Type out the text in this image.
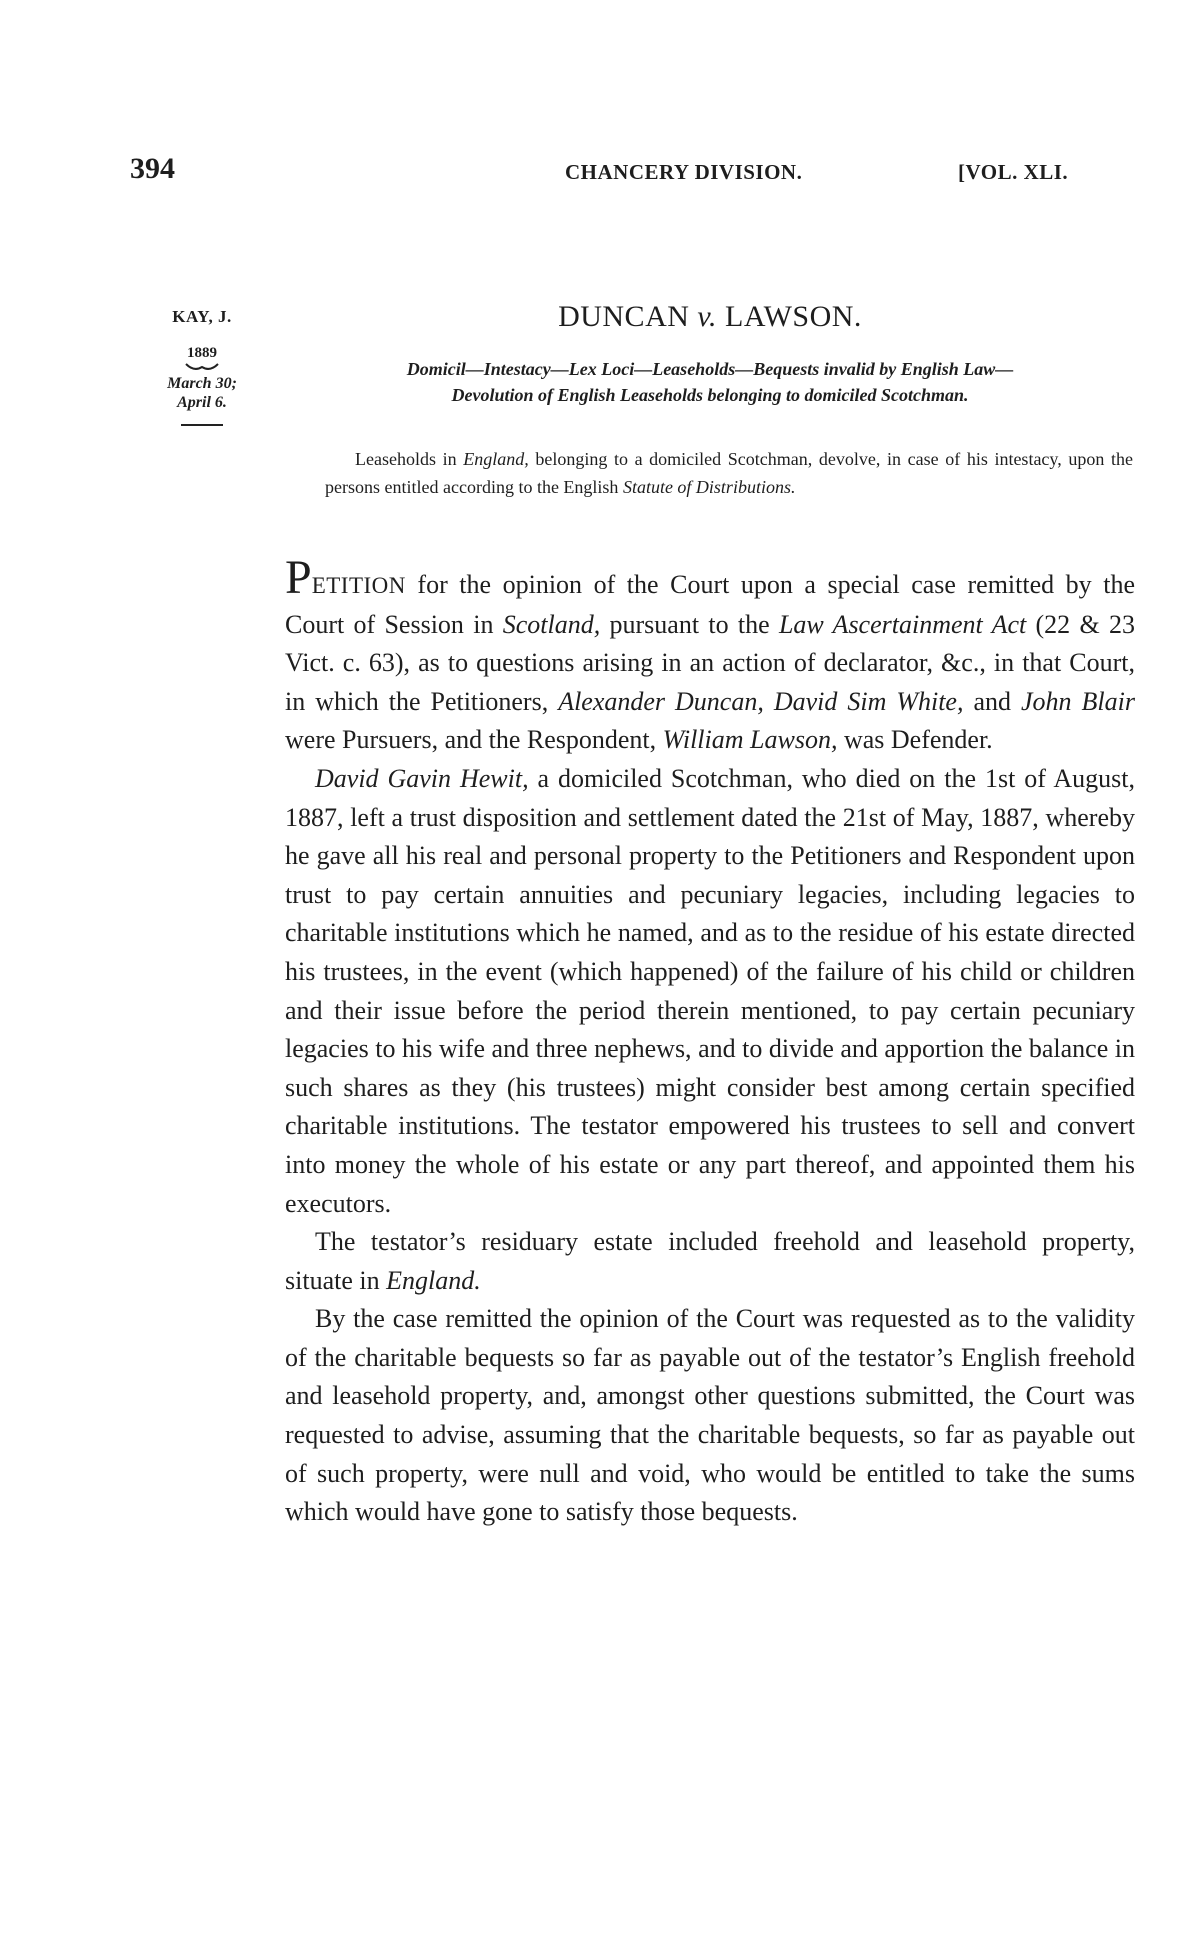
394	CHANCERY DIVISION.	[VOL. XLI.
KAY, J.
1889
March 30;
April 6.
DUNCAN v. LAWSON.
Domicil—Intestacy—Lex Loci—Leaseholds—Bequests invalid by English Law—
Devolution of English Leaseholds belonging to domiciled Scotchman.
Leaseholds in England, belonging to a domiciled Scotchman, devolve, in case of his intestacy, upon the persons entitled according to the English Statute of Distributions.

PETITION for the opinion of the Court upon a special case remitted by the Court of Session in Scotland, pursuant to the Law Ascertainment Act (22 & 23 Vict. c. 63), as to questions arising in an action of declarator, &c., in that Court, in which the Petitioners, Alexander Duncan, David Sim White, and John Blair were Pursuers, and the Respondent, William Lawson, was Defender.

David Gavin Hewit, a domiciled Scotchman, who died on the 1st of August, 1887, left a trust disposition and settlement dated the 21st of May, 1887, whereby he gave all his real and personal property to the Petitioners and Respondent upon trust to pay certain annuities and pecuniary legacies, including legacies to charitable institutions which he named, and as to the residue of his estate directed his trustees, in the event (which happened) of the failure of his child or children and their issue before the period therein mentioned, to pay certain pecuniary legacies to his wife and three nephews, and to divide and apportion the balance in such shares as they (his trustees) might consider best among certain specified charitable institutions. The testator empowered his trustees to sell and convert into money the whole of his estate or any part thereof, and appointed them his executors.

The testator’s residuary estate included freehold and leasehold property, situate in England.

By the case remitted the opinion of the Court was requested as to the validity of the charitable bequests so far as payable out of the testator’s English freehold and leasehold property, and, amongst other questions submitted, the Court was requested to advise, assuming that the charitable bequests, so far as payable out of such property, were null and void, who would be entitled to take the sums which would have gone to satisfy those bequests.
